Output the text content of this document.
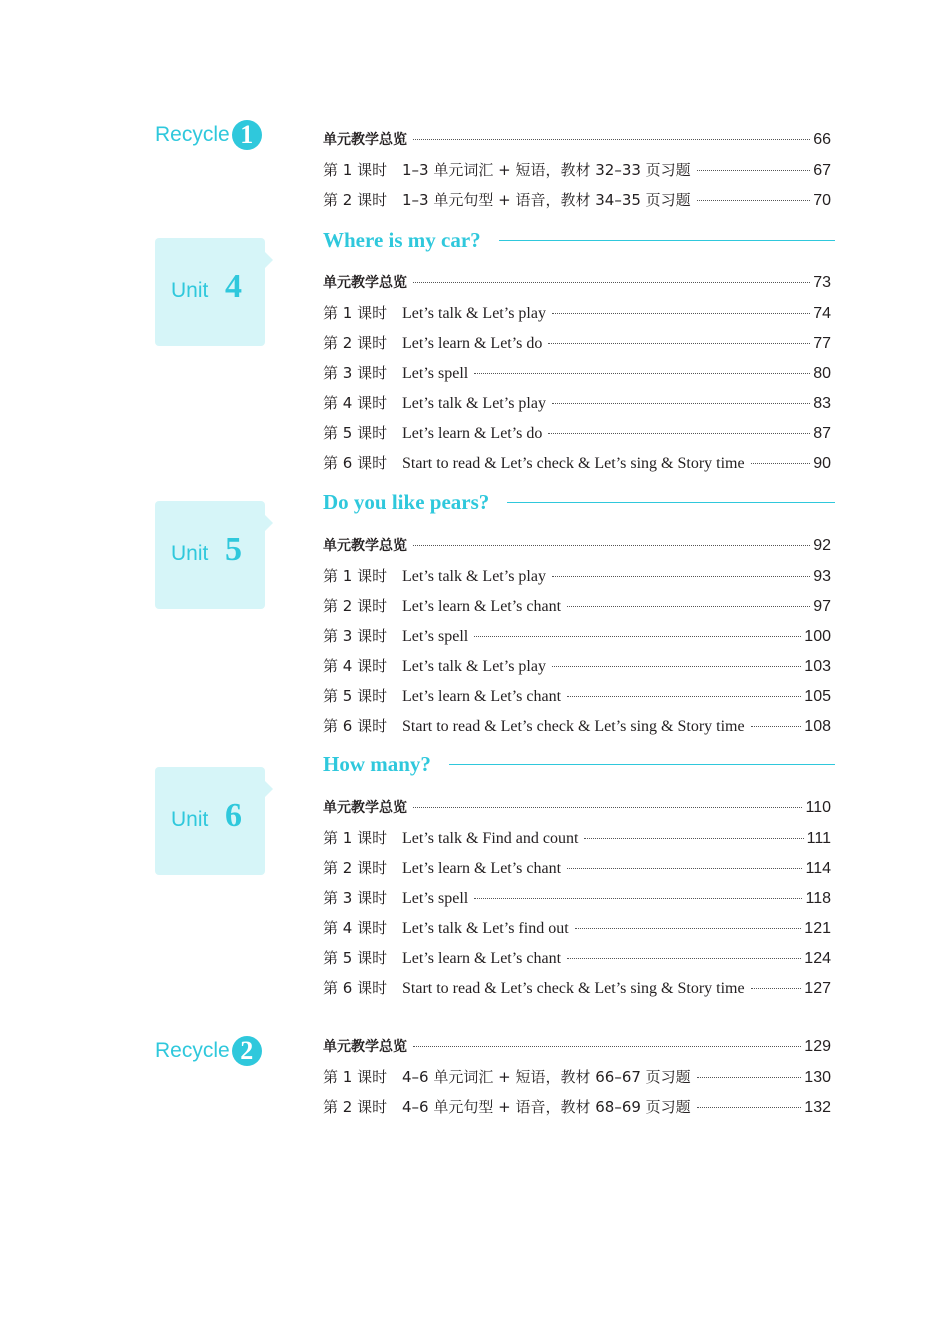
Recycle 1	单元教学总览	66
第 1 课时 1–3 单元词汇 + 短语，教材 32–33 页习题	67
第 2 课时 1–3 单元句型 + 语音，教材 34–35 页习题	70
Unit 4
Where is my car?
单元教学总览	73
第 1 课时 Let’s talk & Let’s play	74
第 2 课时 Let’s learn & Let’s do	77
第 3 课时 Let’s spell	80
第 4 课时 Let’s talk & Let’s play	83
第 5 课时 Let’s learn & Let’s do	87
第 6 课时 Start to read & Let’s check & Let’s sing & Story time	90
Unit 5
Do you like pears?
单元教学总览	92
第 1 课时 Let’s talk & Let’s play	93
第 2 课时 Let’s learn & Let’s chant	97
第 3 课时 Let’s spell	100
第 4 课时 Let’s talk & Let’s play	103
第 5 课时 Let’s learn & Let’s chant	105
第 6 课时 Start to read & Let’s check & Let’s sing & Story time	108
Unit 6
How many?
单元教学总览	110
第 1 课时 Let’s talk & Find and count	111
第 2 课时 Let’s learn & Let’s chant	114
第 3 课时 Let’s spell	118
第 4 课时 Let’s talk & Let’s find out	121
第 5 课时 Let’s learn & Let’s chant	124
第 6 课时 Start to read & Let’s check & Let’s sing & Story time	127
Recycle 2	单元教学总览	129
第 1 课时 4–6 单元词汇 + 短语，教材 66–67 页习题	130
第 2 课时 4–6 单元句型 + 语音，教材 68–69 页习题	132
